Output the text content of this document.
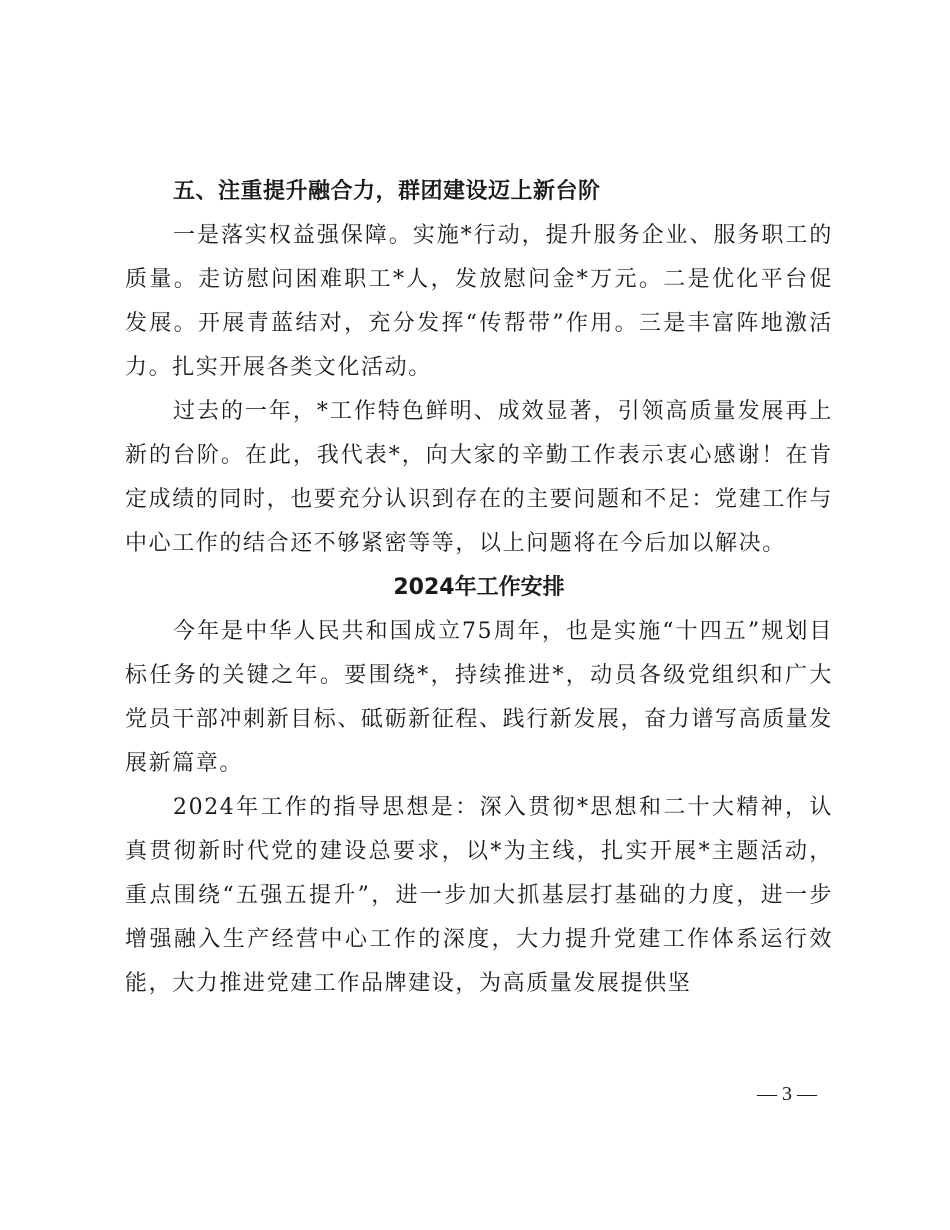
五、注重提升融合力，群团建设迈上新台阶

一是落实权益强保障。实施*行动，提升服务企业、服务职工的质量。走访慰问困难职工*人，发放慰问金*万元。二是优化平台促发展。开展青蓝结对，充分发挥“传帮带”作用。三是丰富阵地激活力。扎实开展各类文化活动。

过去的一年，*工作特色鲜明、成效显著，引领高质量发展再上新的台阶。在此，我代表*，向大家的辛勤工作表示衷心感谢！在肯定成绩的同时，也要充分认识到存在的主要问题和不足：党建工作与中心工作的结合还不够紧密等等，以上问题将在今后加以解决。

2024年工作安排

今年是中华人民共和国成立75周年，也是实施“十四五”规划目标任务的关键之年。要围绕*，持续推进*，动员各级党组织和广大党员干部冲刺新目标、砥砺新征程、践行新发展，奋力谱写高质量发展新篇章。

2024年工作的指导思想是：深入贯彻*思想和二十大精神，认真贯彻新时代党的建设总要求，以*为主线，扎实开展*主题活动，重点围绕“五强五提升”，进一步加大抓基层打基础的力度，进一步增强融入生产经营中心工作的深度，大力提升党建工作体系运行效能，大力推进党建工作品牌建设，为高质量发展提供坚

— 3 —
